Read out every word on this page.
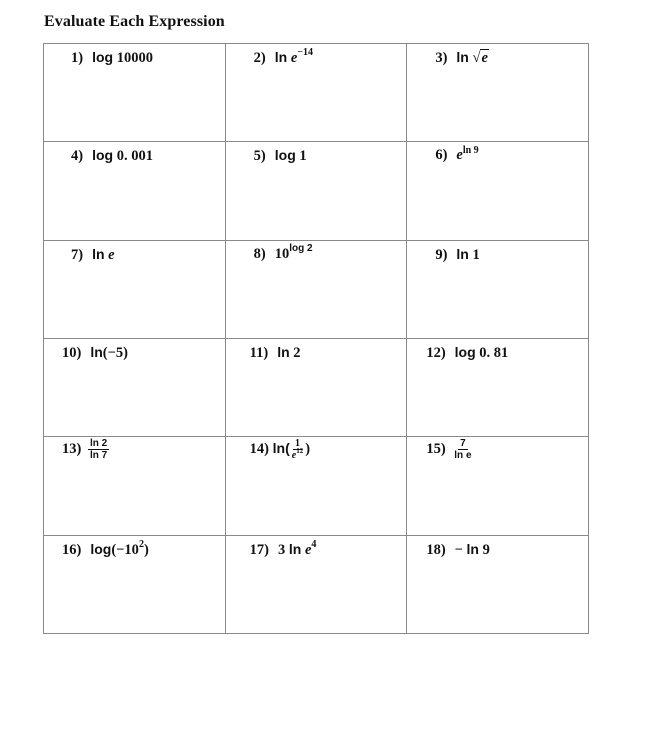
Evaluate Each Expression
1) log 10000	2) $\ln e^{-14}$	3) ln √e

4) log 0. 001	5) log 1	6) $e^{ln 9}$

7) ln e	8) 10$^{log 2}$	9) ln 1

10) ln(−5)	11) ln 2	12) log 0. 81

$13) \frac{\ln 2}{\ln 7}$	14) $\ln( \frac{1}{e^{12}}$ )	$15) \frac{7}{\text{ln e}}$

16) $\log(-10^2)$	17) 3 $\ln e^4$	18) − ln 9
